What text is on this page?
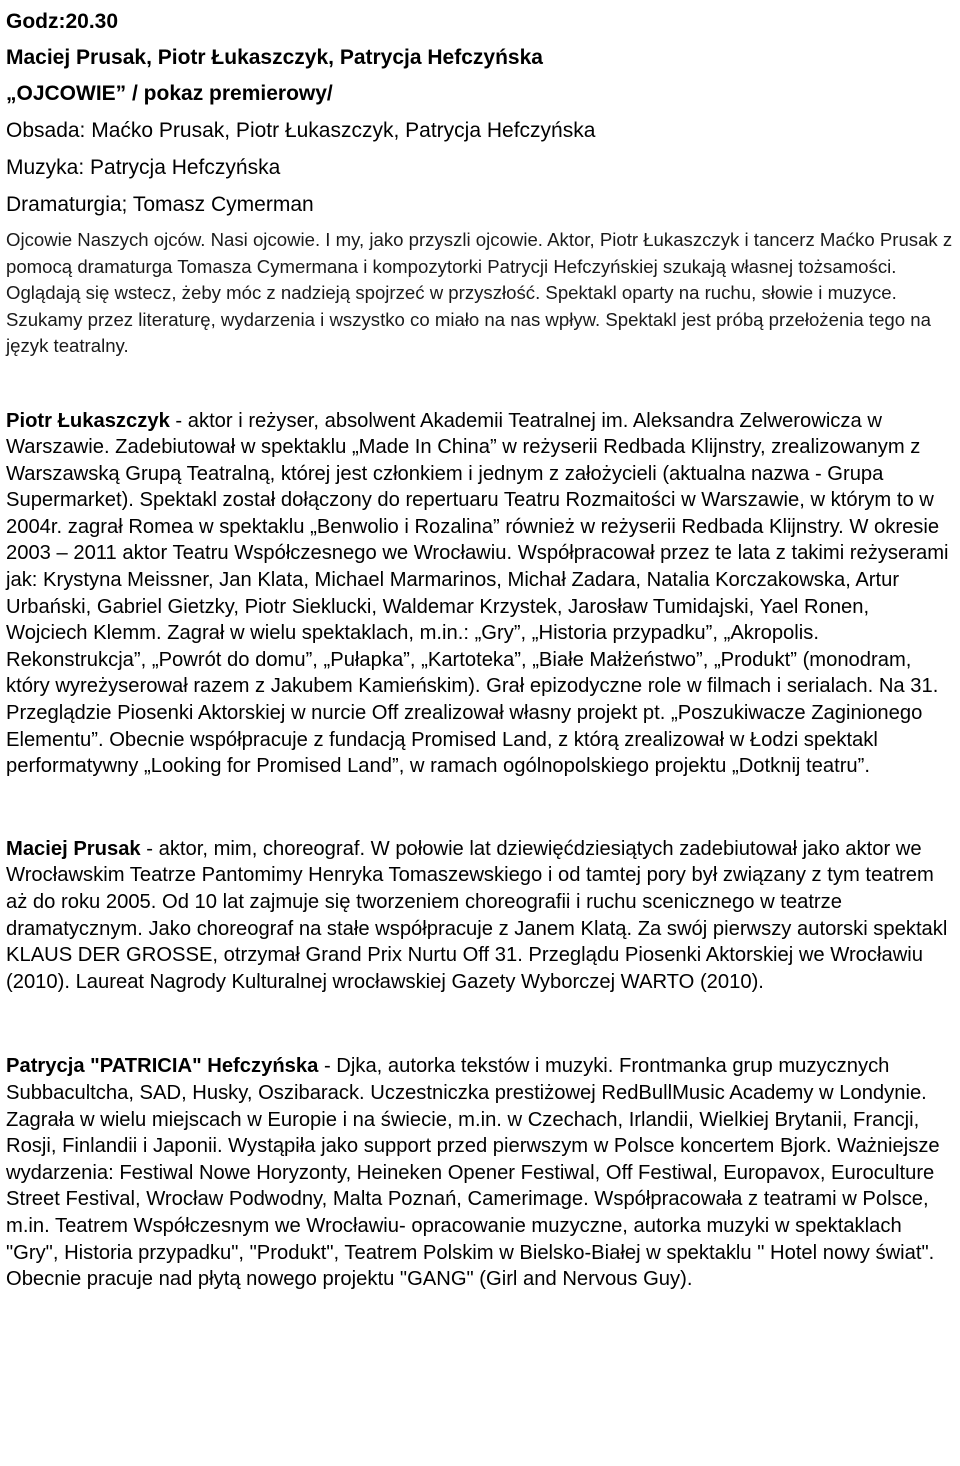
Godz:20.30

Maciej Prusak, Piotr Łukaszczyk, Patrycja Hefczyńska

„OJCOWIE” / pokaz premierowy/

Obsada: Maćko Prusak, Piotr Łukaszczyk, Patrycja Hefczyńska

Muzyka: Patrycja Hefczyńska

Dramaturgia; Tomasz Cymerman

Ojcowie Naszych ojców. Nasi ojcowie. I my, jako przyszli ojcowie. Aktor, Piotr Łukaszczyk i tancerz Maćko Prusak z pomocą dramaturga Tomasza Cymermana i kompozytorki Patrycji Hefczyńskiej szukają własnej tożsamości. Oglądają się wstecz, żeby móc z nadzieją spojrzeć w przyszłość. Spektakl oparty na ruchu, słowie i muzyce. Szukamy przez literaturę, wydarzenia i wszystko co miało na nas wpływ. Spektakl jest próbą przełożenia tego na język teatralny.

Piotr Łukaszczyk - aktor i reżyser, absolwent Akademii Teatralnej im. Aleksandra Zelwerowicza w Warszawie. Zadebiutował w spektaklu „Made In China” w reżyserii Redbada Klijnstry, zrealizowanym z Warszawską Grupą Teatralną, której jest członkiem i jednym z założycieli (aktualna nazwa - Grupa Supermarket). Spektakl został dołączony do repertuaru Teatru Rozmaitości w Warszawie, w którym to w 2004r. zagrał Romea w spektaklu „Benwolio i Rozalina” również w reżyserii Redbada Klijnstry. W okresie 2003 – 2011 aktor Teatru Współczesnego we Wrocławiu. Współpracował przez te lata z takimi reżyserami jak: Krystyna Meissner, Jan Klata, Michael Marmarinos, Michał Zadara, Natalia Korczakowska, Artur Urbański, Gabriel Gietzky, Piotr Sieklucki, Waldemar Krzystek, Jarosław Tumidajski, Yael Ronen, Wojciech Klemm. Zagrał w wielu spektaklach, m.in.: „Gry”, „Historia przypadku”, „Akropolis. Rekonstrukcja”, „Powrót do domu”, „Pułapka”, „Kartoteka”, „Białe Małżeństwo”, „Produkt” (monodram, który wyreżyserował razem z Jakubem Kamieńskim). Grał epizodyczne role w filmach i serialach. Na 31. Przeglądzie Piosenki Aktorskiej w nurcie Off zrealizował własny projekt pt. „Poszukiwacze Zaginionego Elementu”. Obecnie współpracuje z fundacją Promised Land, z którą zrealizował w Łodzi spektakl performatywny „Looking for Promised Land”, w ramach ogólnopolskiego projektu „Dotknij teatru”.

Maciej Prusak - aktor, mim, choreograf. W połowie lat dziewięćdziesiątych zadebiutował jako aktor we Wrocławskim Teatrze Pantomimy Henryka Tomaszewskiego i od tamtej pory był związany z tym teatrem aż do roku 2005. Od 10 lat zajmuje się tworzeniem choreografii i ruchu scenicznego w teatrze dramatycznym. Jako choreograf na stałe współpracuje z Janem Klatą. Za swój pierwszy autorski spektakl KLAUS DER GROSSE, otrzymał Grand Prix Nurtu Off 31. Przeglądu Piosenki Aktorskiej we Wrocławiu (2010). Laureat Nagrody Kulturalnej wrocławskiej Gazety Wyborczej WARTO (2010).

Patrycja "PATRICIA" Hefczyńska - Djka, autorka tekstów i muzyki. Frontmanka grup muzycznych Subbacultcha, SAD, Husky, Oszibarack. Uczestniczka prestiżowej RedBullMusic Academy w Londynie. Zagrała w wielu miejscach w Europie i na świecie, m.in. w Czechach, Irlandii, Wielkiej Brytanii, Francji, Rosji, Finlandii i Japonii. Wystąpiła jako support przed pierwszym w Polsce koncertem Bjork. Ważniejsze wydarzenia: Festiwal Nowe Horyzonty, Heineken Opener Festiwal, Off Festiwal, Europavox, Euroculture Street Festival, Wrocław Podwodny, Malta Poznań, Camerimage. Współpracowała z teatrami w Polsce, m.in. Teatrem Współczesnym we Wrocławiu- opracowanie muzyczne, autorka muzyki w spektaklach "Gry", Historia przypadku", "Produkt", Teatrem Polskim w Bielsko-Białej w spektaklu " Hotel nowy świat". Obecnie pracuje nad płytą nowego projektu "GANG" (Girl and Nervous Guy).
